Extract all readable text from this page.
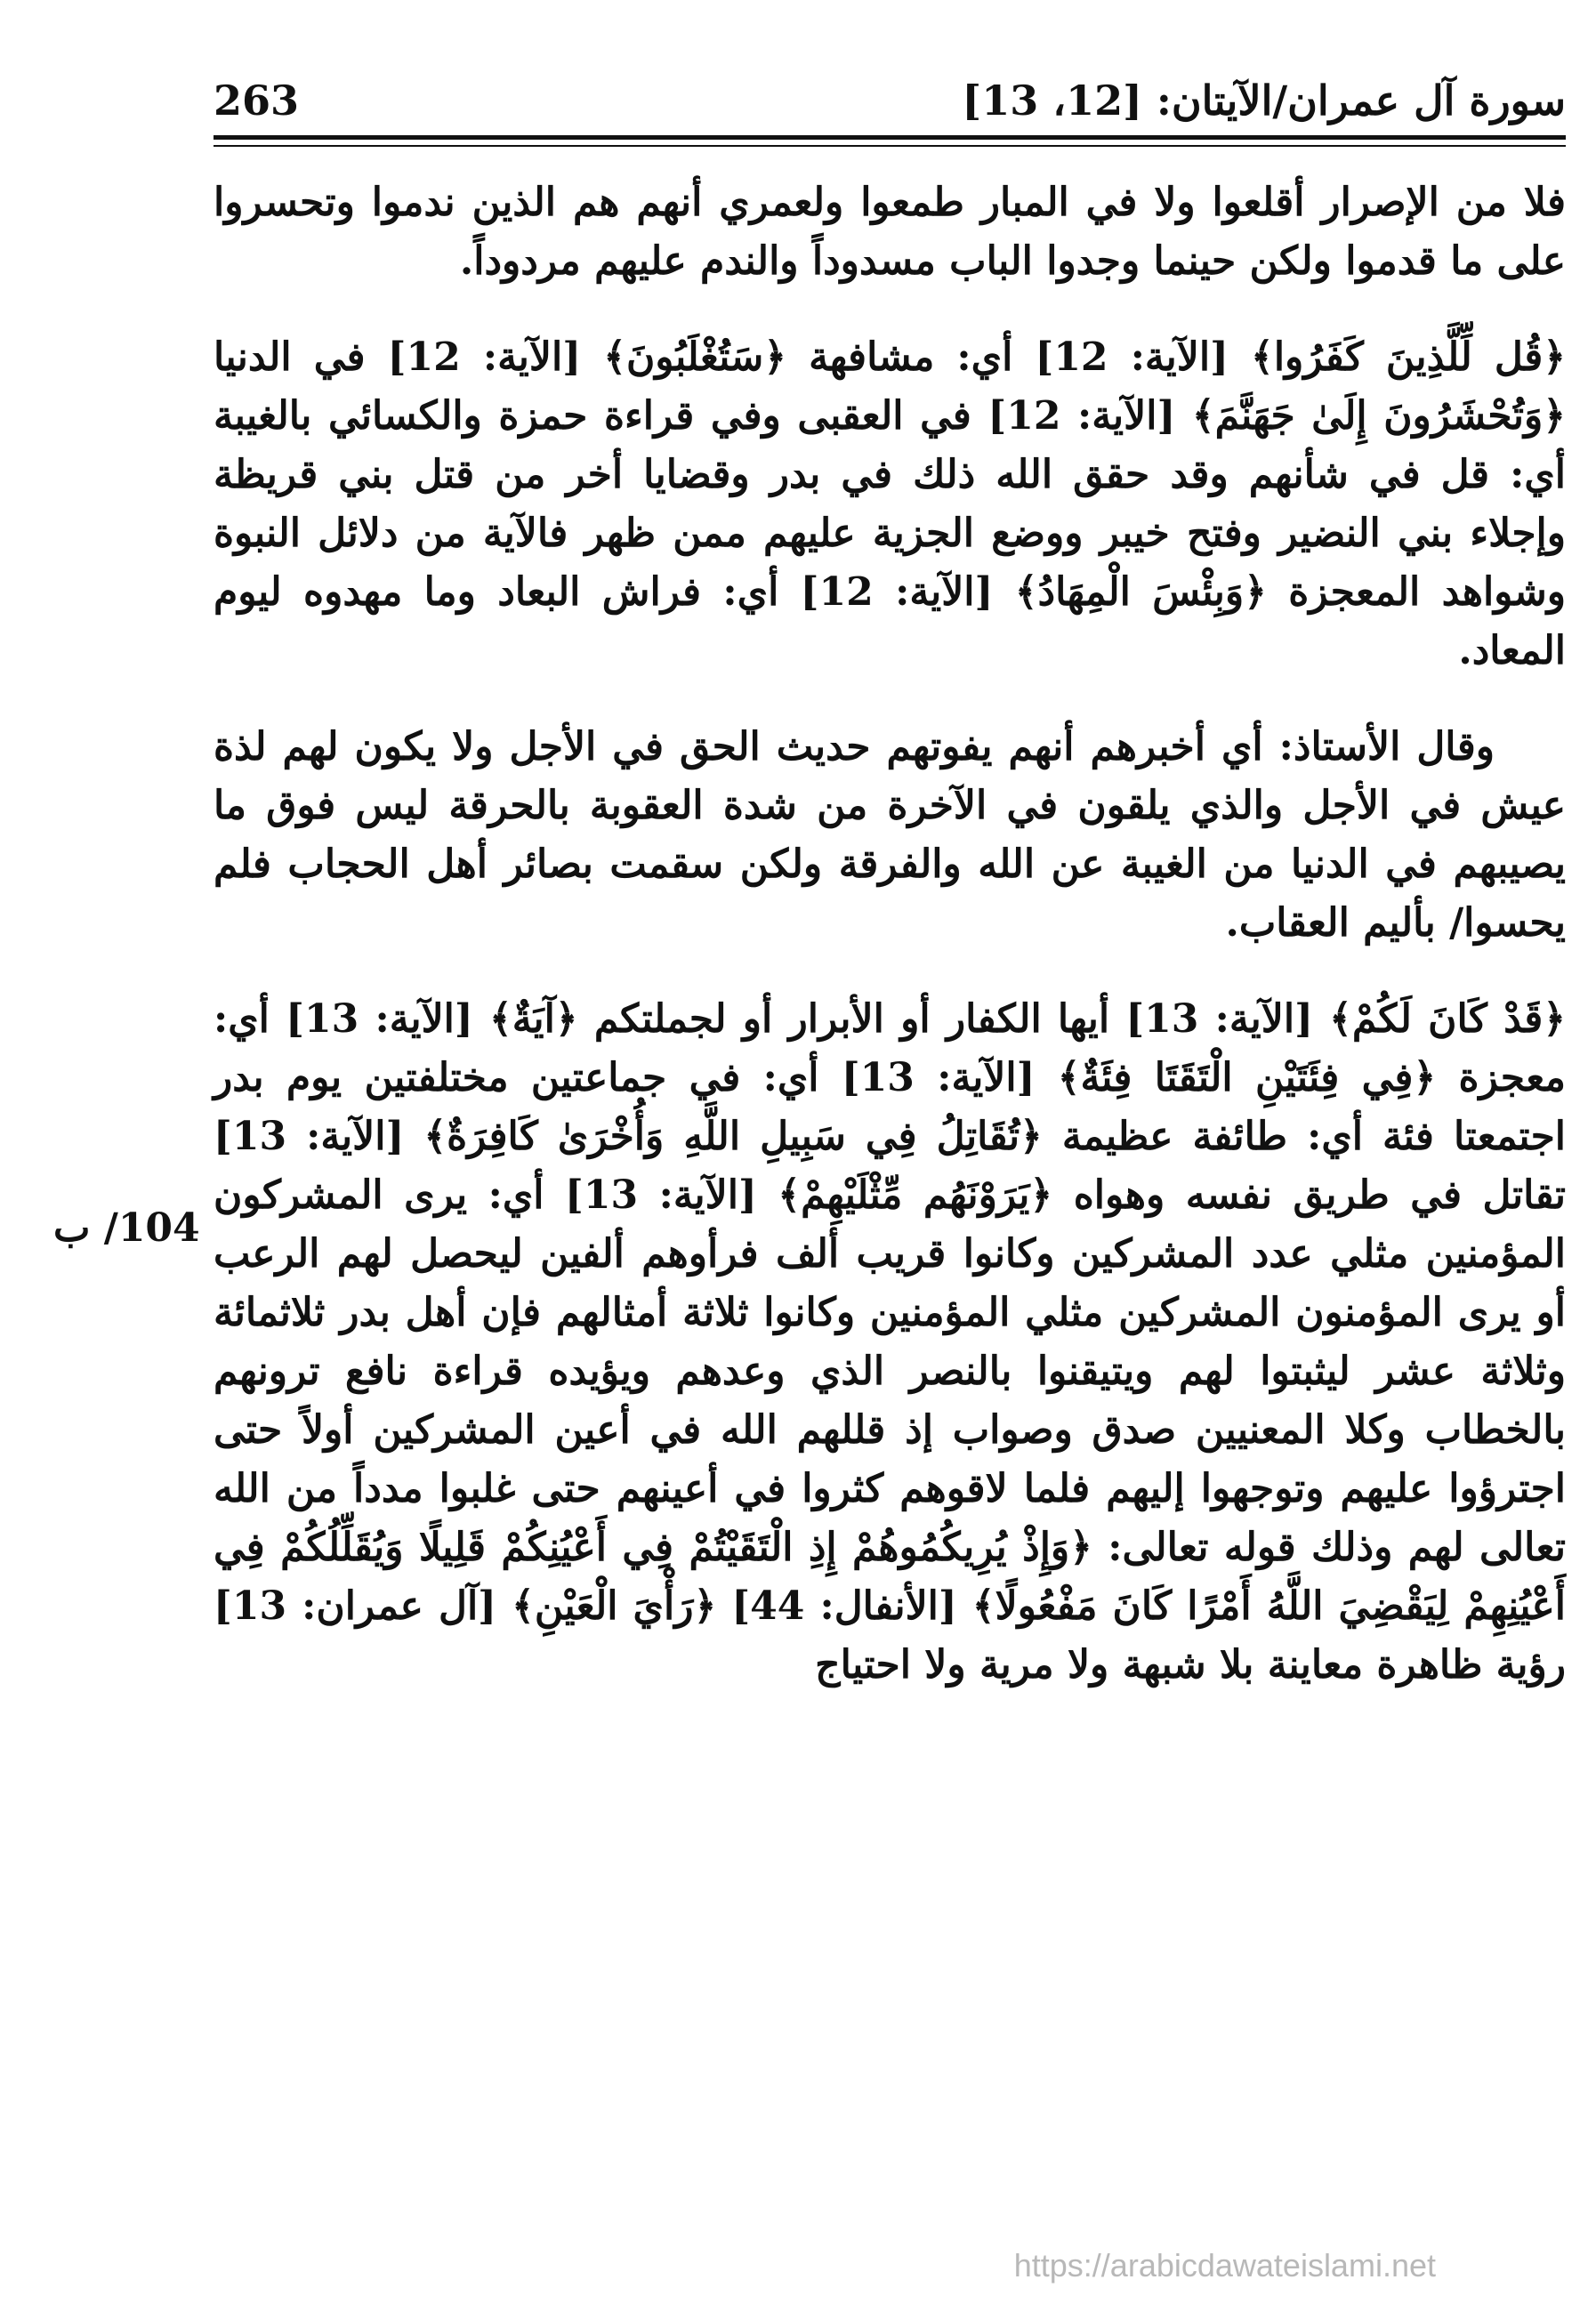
سورة آل عمران/الآيتان: [12، 13]
263

فلا من الإصرار أقلعوا ولا في المبار طمعوا ولعمري أنهم هم الذين ندموا وتحسروا على ما قدموا ولكن حينما وجدوا الباب مسدوداً والندم عليهم مردوداً.

﴿قُل لِّلَّذِينَ كَفَرُوا﴾ [الآية: 12] أي: مشافهة ﴿سَتُغْلَبُونَ﴾ [الآية: 12] في الدنيا ﴿وَتُحْشَرُونَ إِلَىٰ جَهَنَّمَ﴾ [الآية: 12] في العقبى وفي قراءة حمزة والكسائي بالغيبة أي: قل في شأنهم وقد حقق الله ذلك في بدر وقضايا أخر من قتل بني قريظة وإجلاء بني النضير وفتح خيبر ووضع الجزية عليهم ممن ظهر فالآية من دلائل النبوة وشواهد المعجزة ﴿وَبِئْسَ الْمِهَادُ﴾ [الآية: 12] أي: فراش البعاد وما مهدوه ليوم المعاد.

وقال الأستاذ: أي أخبرهم أنهم يفوتهم حديث الحق في الأجل ولا يكون لهم لذة عيش في الأجل والذي يلقون في الآخرة من شدة العقوبة بالحرقة ليس فوق ما يصيبهم في الدنيا من الغيبة عن الله والفرقة ولكن سقمت بصائر أهل الحجاب فلم يحسوا/ بأليم العقاب.

﴿قَدْ كَانَ لَكُمْ﴾ [الآية: 13] أيها الكفار أو الأبرار أو لجملتكم ﴿آيَةٌ﴾ [الآية: 13] أي: معجزة ﴿فِي فِئَتَيْنِ الْتَقَتَا فِئَةٌ﴾ [الآية: 13] أي: في جماعتين مختلفتين يوم بدر اجتمعتا فئة أي: طائفة عظيمة ﴿تُقَاتِلُ فِي سَبِيلِ اللَّهِ وَأُخْرَىٰ كَافِرَةٌ﴾ [الآية: 13] تقاتل في طريق نفسه وهواه ﴿يَرَوْنَهُم مِّثْلَيْهِمْ﴾ [الآية: 13] أي: يرى المشركون المؤمنين مثلي عدد المشركين وكانوا قريب ألف فرأوهم ألفين ليحصل لهم الرعب أو يرى المؤمنون المشركين مثلي المؤمنين وكانوا ثلاثة أمثالهم فإن أهل بدر ثلاثمائة وثلاثة عشر ليثبتوا لهم ويتيقنوا بالنصر الذي وعدهم ويؤيده قراءة نافع ترونهم بالخطاب وكلا المعنيين صدق وصواب إذ قللهم الله في أعين المشركين أولاً حتى اجترؤوا عليهم وتوجهوا إليهم فلما لاقوهم كثروا في أعينهم حتى غلبوا مدداً من الله تعالى لهم وذلك قوله تعالى: ﴿وَإِذْ يُرِيكُمُوهُمْ إِذِ الْتَقَيْتُمْ فِي أَعْيُنِكُمْ قَلِيلًا وَيُقَلِّلُكُمْ فِي أَعْيُنِهِمْ لِيَقْضِيَ اللَّهُ أَمْرًا كَانَ مَفْعُولًا﴾ [الأنفال: 44] ﴿رَأْيَ الْعَيْنِ﴾ [آل عمران: 13] رؤية ظاهرة معاينة بلا شبهة ولا مرية ولا احتياج

104/ ب
https://arabicdawateislami.net
